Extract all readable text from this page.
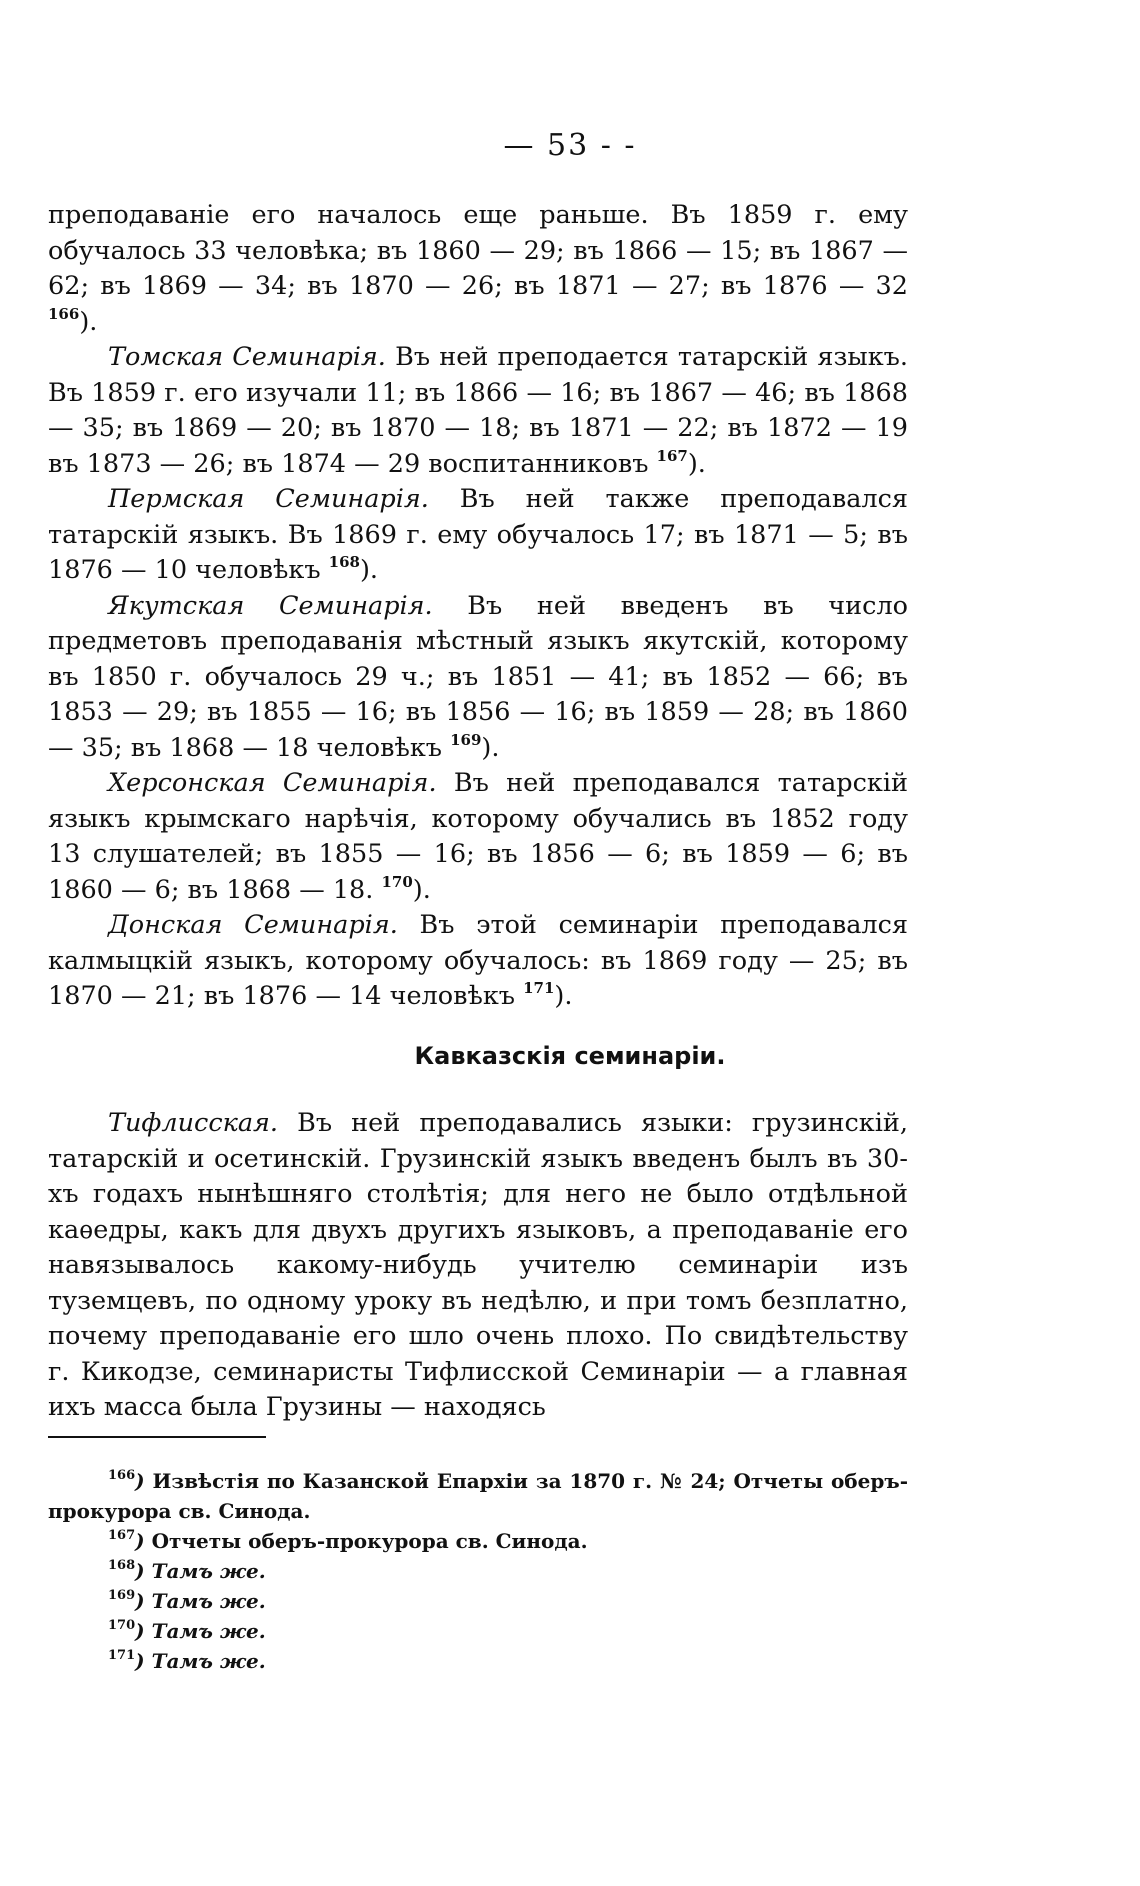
— 53 - -

преподаванiе его началось еще раньше. Въ 1859 г. ему обучалось 33 человѣка; въ 1860 — 29; въ 1866 — 15; въ 1867 — 62; въ 1869 — 34; въ 1870 — 26; въ 1871 — 27; въ 1876 — 32 $^{166}$).

Томская Семинарiя. Въ ней преподается татарскiй языкъ. Въ 1859 г. его изучали 11; въ 1866 — 16; въ 1867 — 46; въ 1868 — 35; въ 1869 — 20; въ 1870 — 18; въ 1871 — 22; въ 1872 — 19 въ 1873 — 26; въ 1874 — 29 воспитанниковъ $^{167}$).

Пермская Семинарiя. Въ ней также преподавался татарскiй языкъ. Въ 1869 г. ему обучалось 17; въ 1871 — 5; въ 1876 — 10 человѣкъ $^{168}$).

Якутская Семинарiя. Въ ней введенъ въ число предметовъ преподаванiя мѣстный языкъ якутскiй, которому въ 1850 г. обучалось 29 ч.; въ 1851 — 41; въ 1852 — 66; въ 1853 — 29; въ 1855 — 16; въ 1856 — 16; въ 1859 — 28; въ 1860 — 35; въ 1868 — 18 человѣкъ $^{169}$).

Херсонская Семинарiя. Въ ней преподавался татарскiй языкъ крымскаго нарѣчiя, которому обучались въ 1852 году 13 слушателей; въ 1855 — 16; въ 1856 — 6; въ 1859 — 6; въ 1860 — 6; въ 1868 — 18. $^{170}$).

Донская Семинарiя. Въ этой семинарiи преподавался калмыцкiй языкъ, которому обучалось: въ 1869 году — 25; въ 1870 — 21; въ 1876 — 14 человѣкъ $^{171}$).

Кавказскiя семинарiи.

Тифлисская. Въ ней преподавались языки: грузинскiй, татарскiй и осетинскiй. Грузинскiй языкъ введенъ былъ въ 30-хъ годахъ нынѣшняго столѣтiя; для него не было отдѣльной каѳедры, какъ для двухъ другихъ языковъ, а преподаванiе его навязывалось какому-нибудь учителю семинарiи изъ туземцевъ, по одному уроку въ недѣлю, и при томъ безплатно, почему преподаванiе его шло очень плохо. По свидѣтельству г. Кикодзе, семинаристы Тифлисской Семинарiи — а главная ихъ масса была Грузины — находясь

$^{166}$) Извѣстiя по Казанской Епархiи за 1870 г. № 24; Отчеты оберъ-прокурора св. Синода.

$^{167}$) Отчеты оберъ-прокурора св. Синода.

$^{168}$) Тамъ же.

$^{169}$) Тамъ же.

$^{170}$) Тамъ же.

$^{171}$) Тамъ же.
